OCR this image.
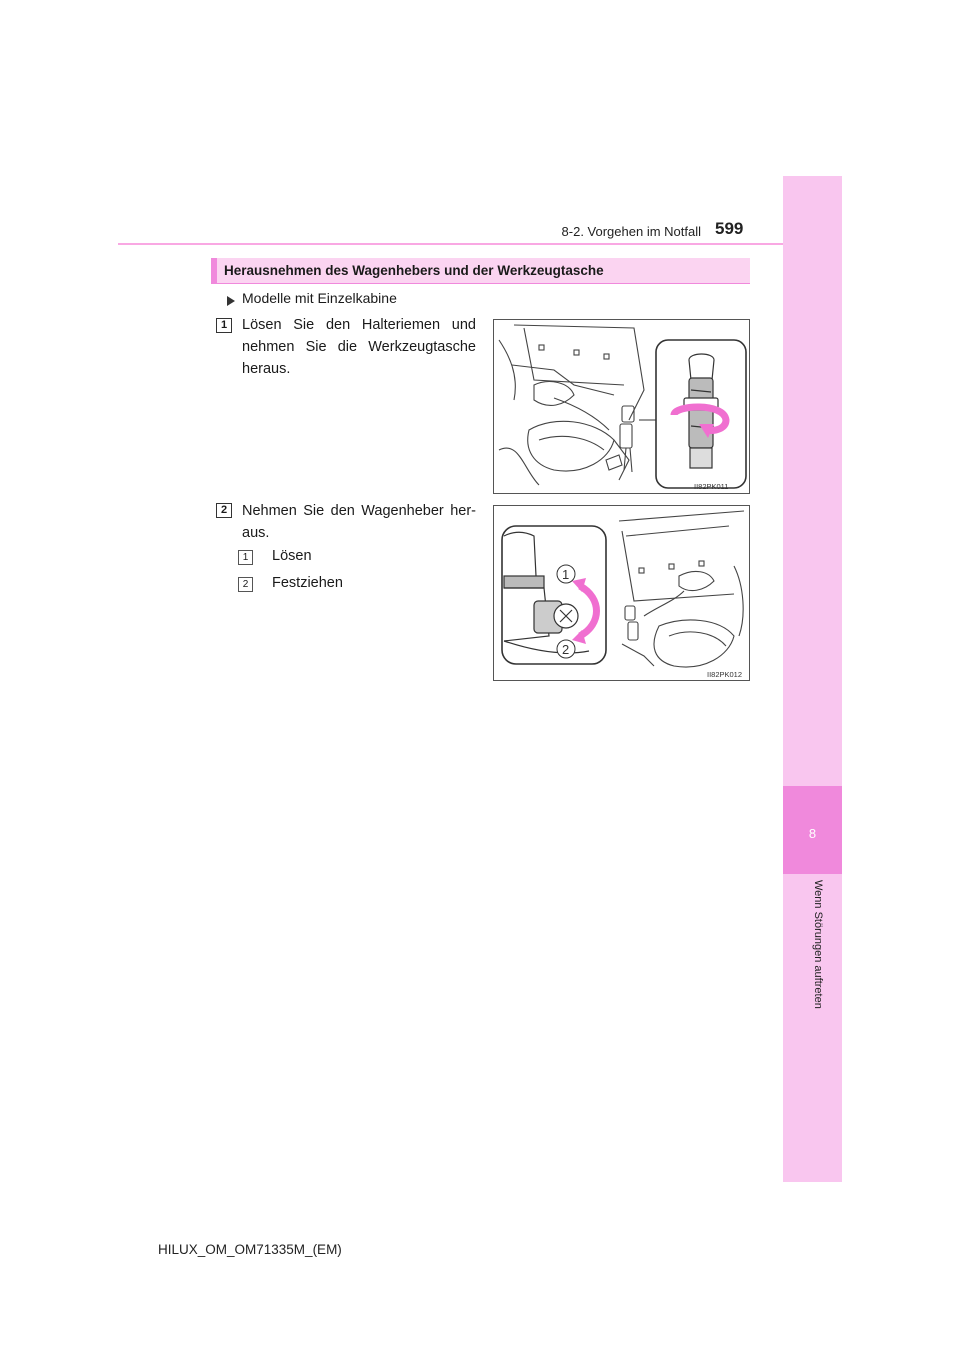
8
Wenn Störungen auftreten
8-2. Vorgehen im Notfall 599
Herausnehmen des Wagenhebers und der Werkzeugtasche
Modelle mit Einzelkabine
1	Lösen Sie den Halteriemen und nehmen Sie die Werkzeugtasche heraus.
II82PK011
2	Nehmen Sie den Wagenheber her-aus.
1	Lösen
2	Festziehen
1
2
II82PK012
HILUX_OM_OM71335M_(EM)
